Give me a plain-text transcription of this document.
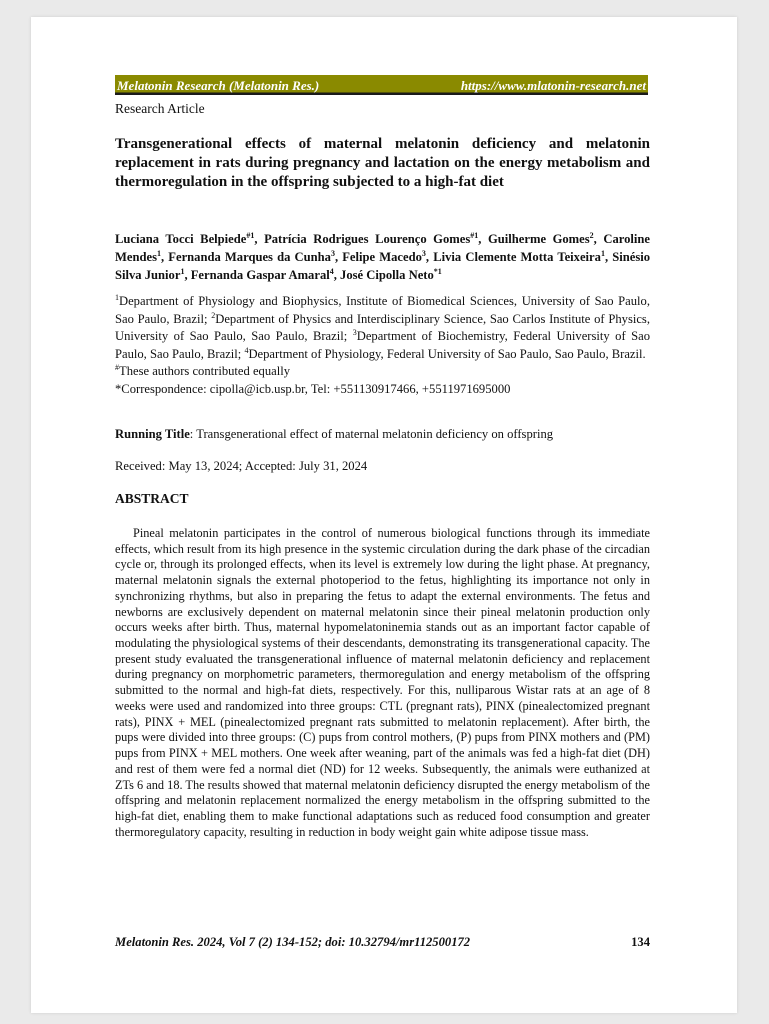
Melatonin Research (Melatonin Res.)	https://www.mlatonin-research.net
Research Article
Transgenerational effects of maternal melatonin deficiency and melatonin replacement in rats during pregnancy and lactation on the energy metabolism and thermoregulation in the offspring subjected to a high-fat diet
Luciana Tocci Belpiede$^{\#1}$, Patrícia Rodrigues Lourenço Gomes$^{\#1}$, Guilherme Gomes$^2$, Caroline Mendes$^1$, Fernanda Marques da Cunha$^3$, Felipe Macedo$^3$, Livia Clemente Motta Teixeira$^1$, Sinésio Silva Junior$^1$, Fernanda Gaspar Amaral$^4$, José Cipolla Neto$^{*1}$
$^1$Department of Physiology and Biophysics, Institute of Biomedical Sciences, University of Sao Paulo, Sao Paulo, Brazil; $^2$Department of Physics and Interdisciplinary Science, Sao Carlos Institute of Physics, University of Sao Paulo, Sao Paulo, Brazil; $^3$Department of Biochemistry, Federal University of Sao Paulo, Sao Paulo, Brazil; $^4$Department of Physiology, Federal University of Sao Paulo, Sao Paulo, Brazil.
#These authors contributed equally
*Correspondence: cipolla@icb.usp.br, Tel: +551130917466, +5511971695000
Running Title: Transgenerational effect of maternal melatonin deficiency on offspring
Received: May 13, 2024; Accepted: July 31, 2024
ABSTRACT
Pineal melatonin participates in the control of numerous biological functions through its immediate effects, which result from its high presence in the systemic circulation during the dark phase of the circadian cycle or, through its prolonged effects, when its level is extremely low during the light phase. At pregnancy, maternal melatonin signals the external photoperiod to the fetus, highlighting its importance not only in synchronizing rhythms, but also in preparing the fetus to adapt the external environments. The fetus and newborns are exclusively dependent on maternal melatonin since their pineal melatonin production only occurs weeks after birth. Thus, maternal hypomelatoninemia stands out as an important factor capable of modulating the physiological systems of their descendants, demonstrating its transgenerational capacity. The present study evaluated the transgenerational influence of maternal melatonin deficiency and replacement during pregnancy on morphometric parameters, thermoregulation and energy metabolism of the offspring submitted to the normal and high-fat diets, respectively. For this, nulliparous Wistar rats at an age of 8 weeks were used and randomized into three groups: CTL (pregnant rats), PINX (pinealectomized pregnant rats), PINX + MEL (pinealectomized pregnant rats submitted to melatonin replacement). After birth, the pups were divided into three groups: (C) pups from control mothers, (P) pups from PINX mothers and (PM) pups from PINX + MEL mothers. One week after weaning, part of the animals was fed a high-fat diet (DH) and rest of them were fed a normal diet (ND) for 12 weeks. Subsequently, the animals were euthanized at ZTs 6 and 18. The results showed that maternal melatonin deficiency disrupted the energy metabolism of the offspring and melatonin replacement normalized the energy metabolism in the offspring submitted to the high-fat diet, enabling them to make functional adaptations such as reduced food consumption and greater thermoregulatory capacity, resulting in reduction in body weight gain white adipose tissue mass.
Melatonin Res. 2024, Vol 7 (2) 134-152; doi: 10.32794/mr112500172	134
